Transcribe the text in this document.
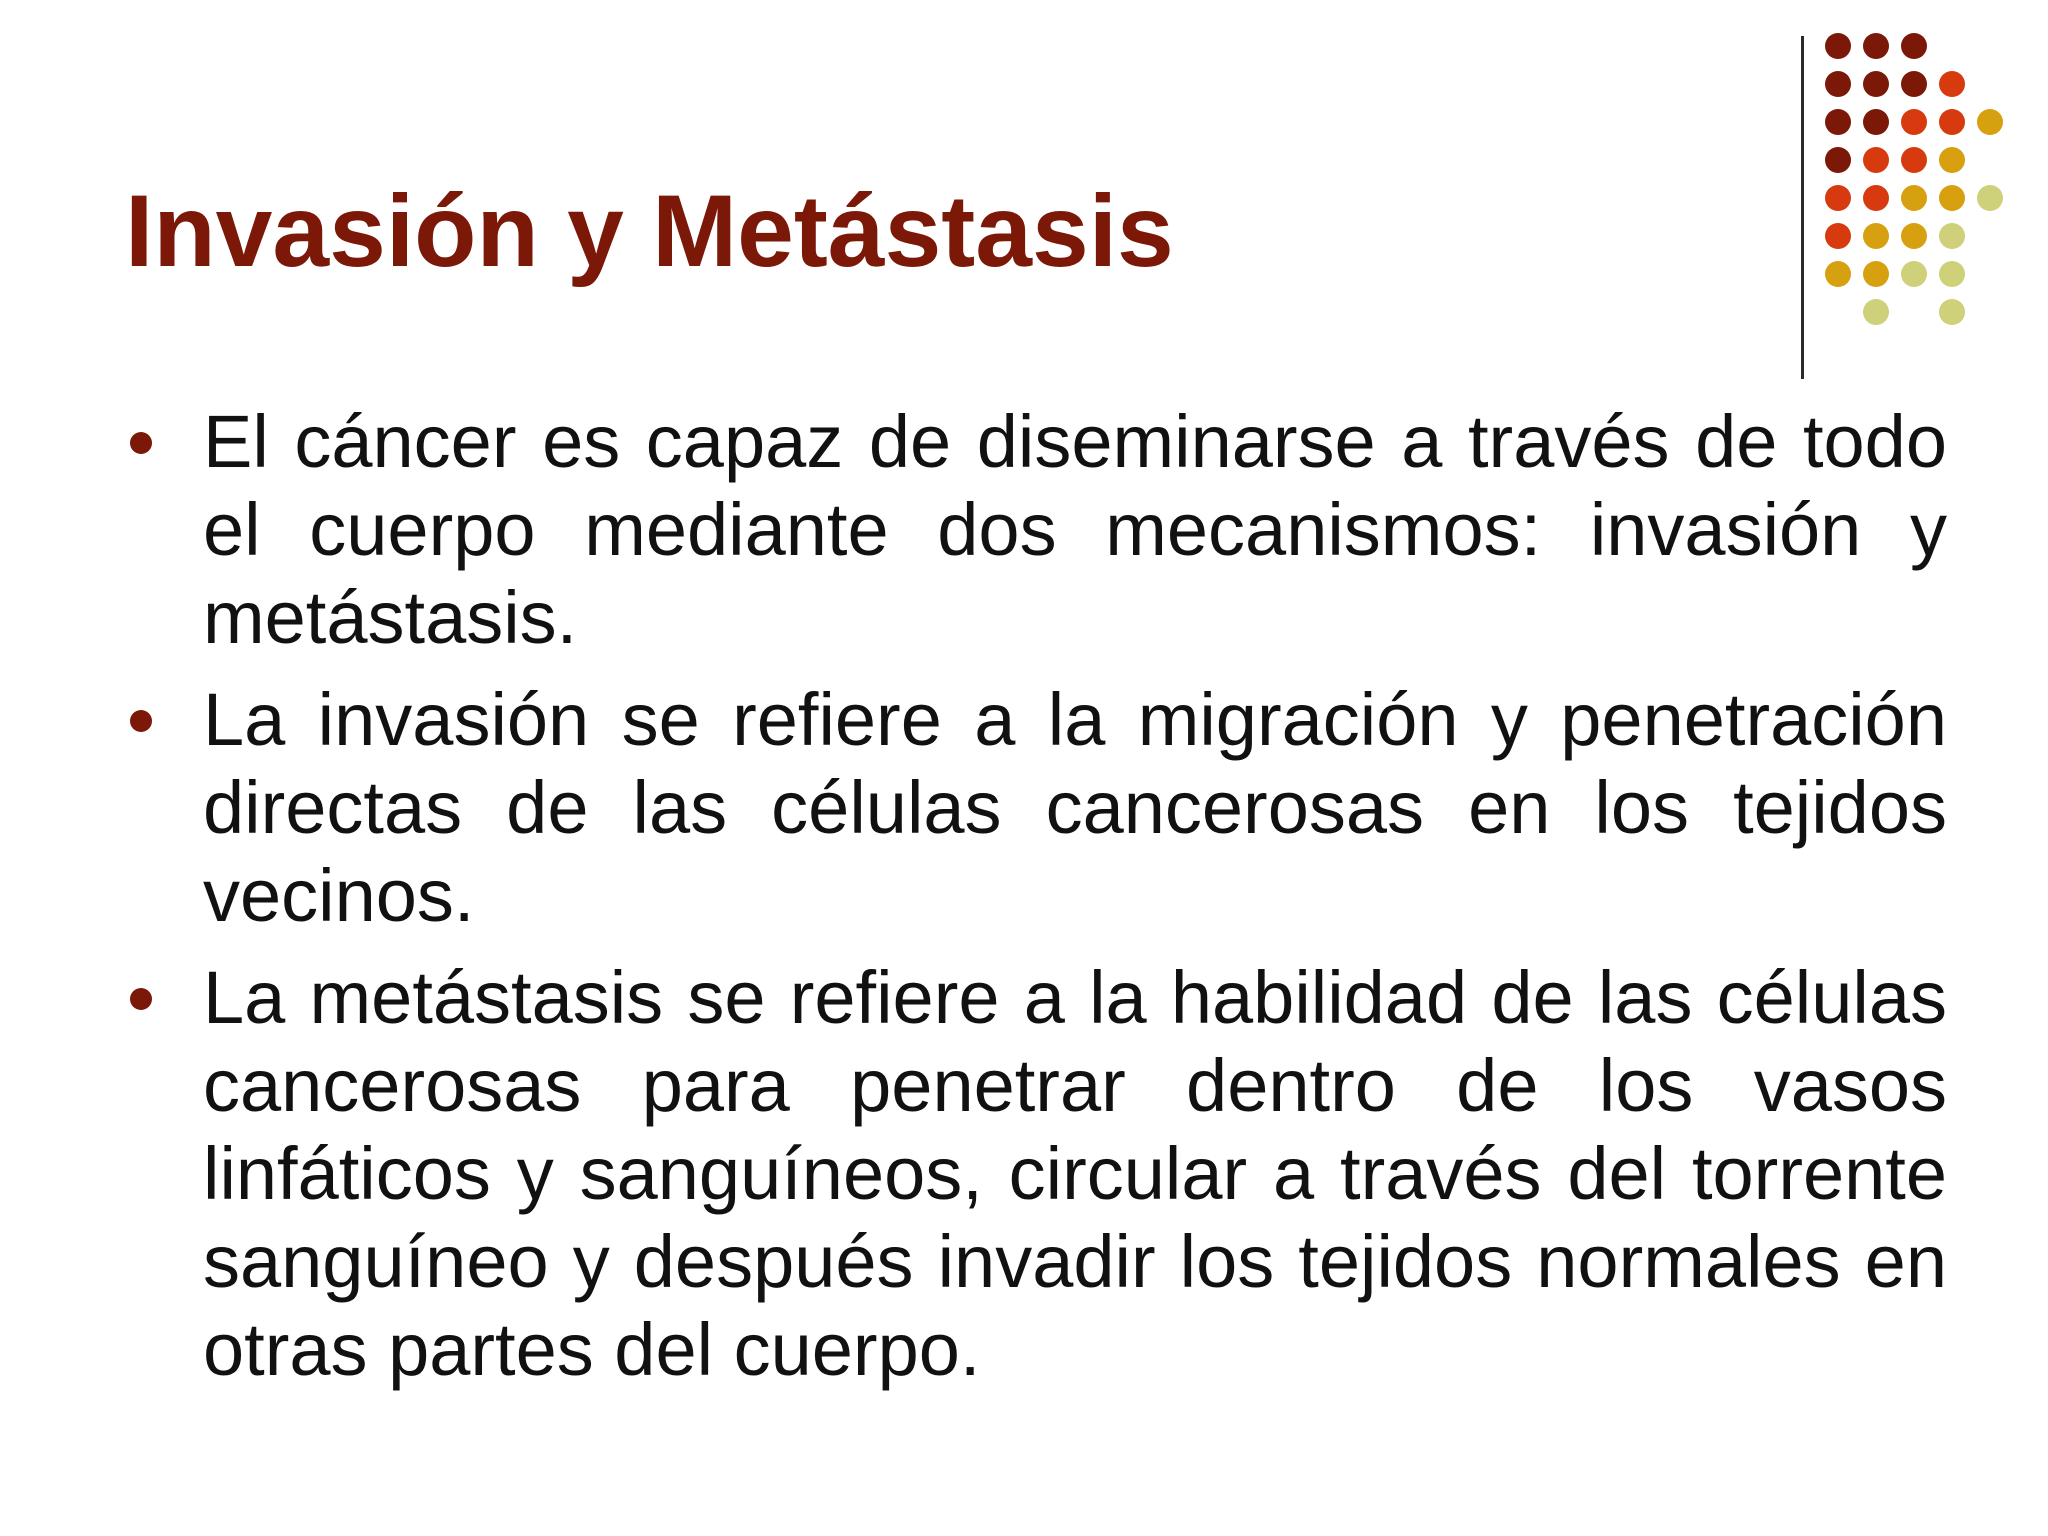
Invasión y Metástasis
El cáncer es capaz de diseminarse a través de todo el cuerpo mediante dos mecanismos: invasión y metástasis.
La invasión se refiere a la migración y penetración directas de las células cancerosas en los tejidos vecinos.
La metástasis se refiere a la habilidad de las células cancerosas para penetrar dentro de los vasos linfáticos y sanguíneos, circular a través del torrente sanguíneo y después invadir los tejidos normales en otras partes del cuerpo.
